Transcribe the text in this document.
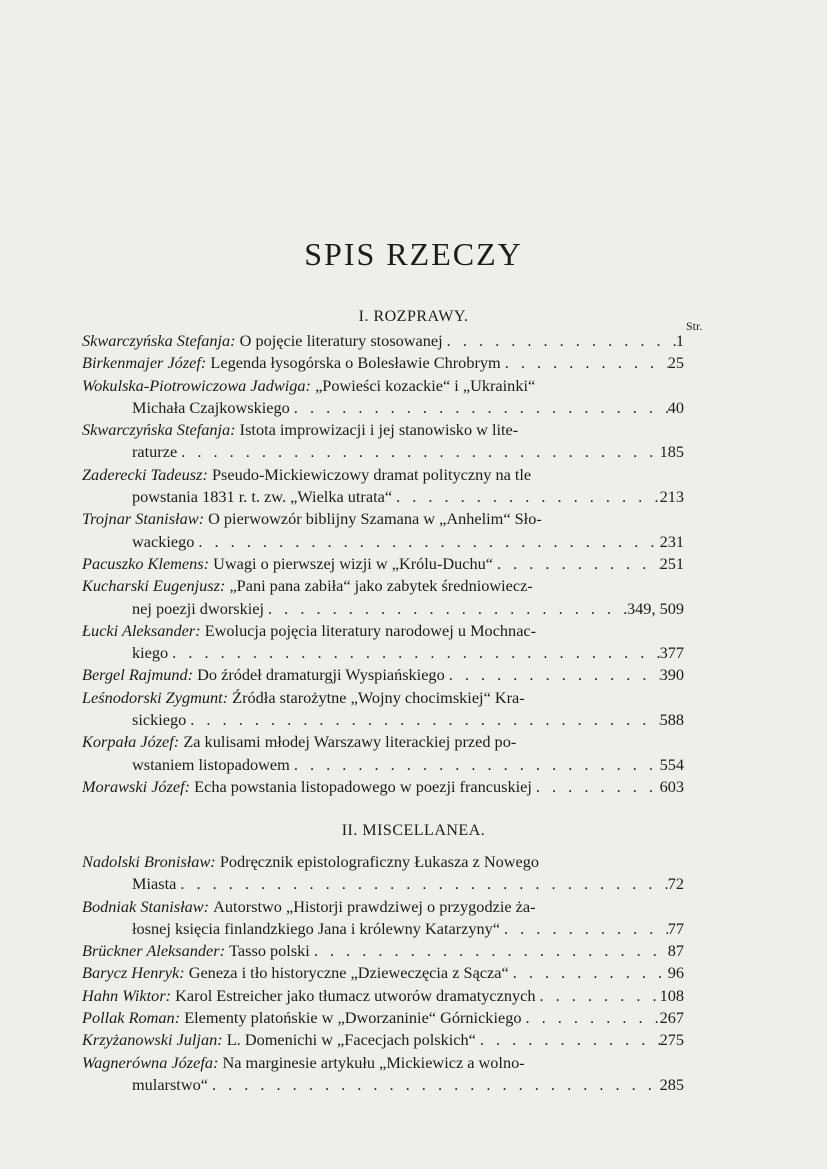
SPIS RZECZY
I. ROZPRAWY.
Str.
Skwarczyńska Stefanja:
O pojęcie literatury stosowanej . . .	1
Birkenmajer Józef:
Legenda łysogórska o Bolesławie Chrobrym . . .	25
Wokulska-Piotrowiczowa Jadwiga:
„Powieści kozackie“ i „Ukrainki“
Michała Czajkowskiego . . .	40
Skwarczyńska Stefanja:
Istota improwizacji i jej stanowisko w lite-
raturze . . .	185
Zaderecki Tadeusz:
Pseudo-Mickiewiczowy dramat polityczny na tle
powstania 1831 r. t. zw. „Wielka utrata“ . . .	213
Trojnar Stanisław:
O pierwowzór biblijny Szamana w „Anhelim“ Sło-
wackiego . . .	231
Pacuszko Klemens:
Uwagi o pierwszej wizji w „Królu-Duchu“ . . .	251
Kucharski Eugenjusz:
„Pani pana zabiła“ jako zabytek średniowiecz-
nej poezji dworskiej . . .	349, 509
Łucki Aleksander:
Ewolucja pojęcia literatury narodowej u Mochnac-
kiego . . .	377
Bergel Rajmund:
Do źródeł dramaturgji Wyspiańskiego . . .	390
Leśnodorski Zygmunt:
Źródła starożytne „Wojny chocimskiej“ Kra-
sickiego . . .	588
Korpała Józef:
Za kulisami młodej Warszawy literackiej przed po-
wstaniem listopadowem . . .	554
Morawski Józef:
Echa powstania listopadowego w poezji francuskiej . . .	603
II. MISCELLANEA.
Nadolski Bronisław:
Podręcznik epistolograficzny Łukasza z Nowego
Miasta . . .	72
Bodniak Stanisław:
Autorstwo „Historji prawdziwej o przygodzie ża-
łosnej księcia finlandzkiego Jana i królewny Katarzyny“ . . .	77
Brückner Aleksander:
Tasso polski . . .	87
Barycz Henryk:
Geneza i tło historyczne „Dzieweczęcia z Sącza“ . . .	96
Hahn Wiktor:
Karol Estreicher jako tłumacz utworów dramatycznych . . .	108
Pollak Roman:
Elementy platońskie w „Dworzaninie“ Górnickiego . . .	267
Krzyżanowski Juljan:
L. Domenichi w „Facecjach polskich“ . . .	275
Wagnerówna Józefa:
Na marginesie artykułu „Mickiewicz a wolno-
mularstwo“ . . .	285
